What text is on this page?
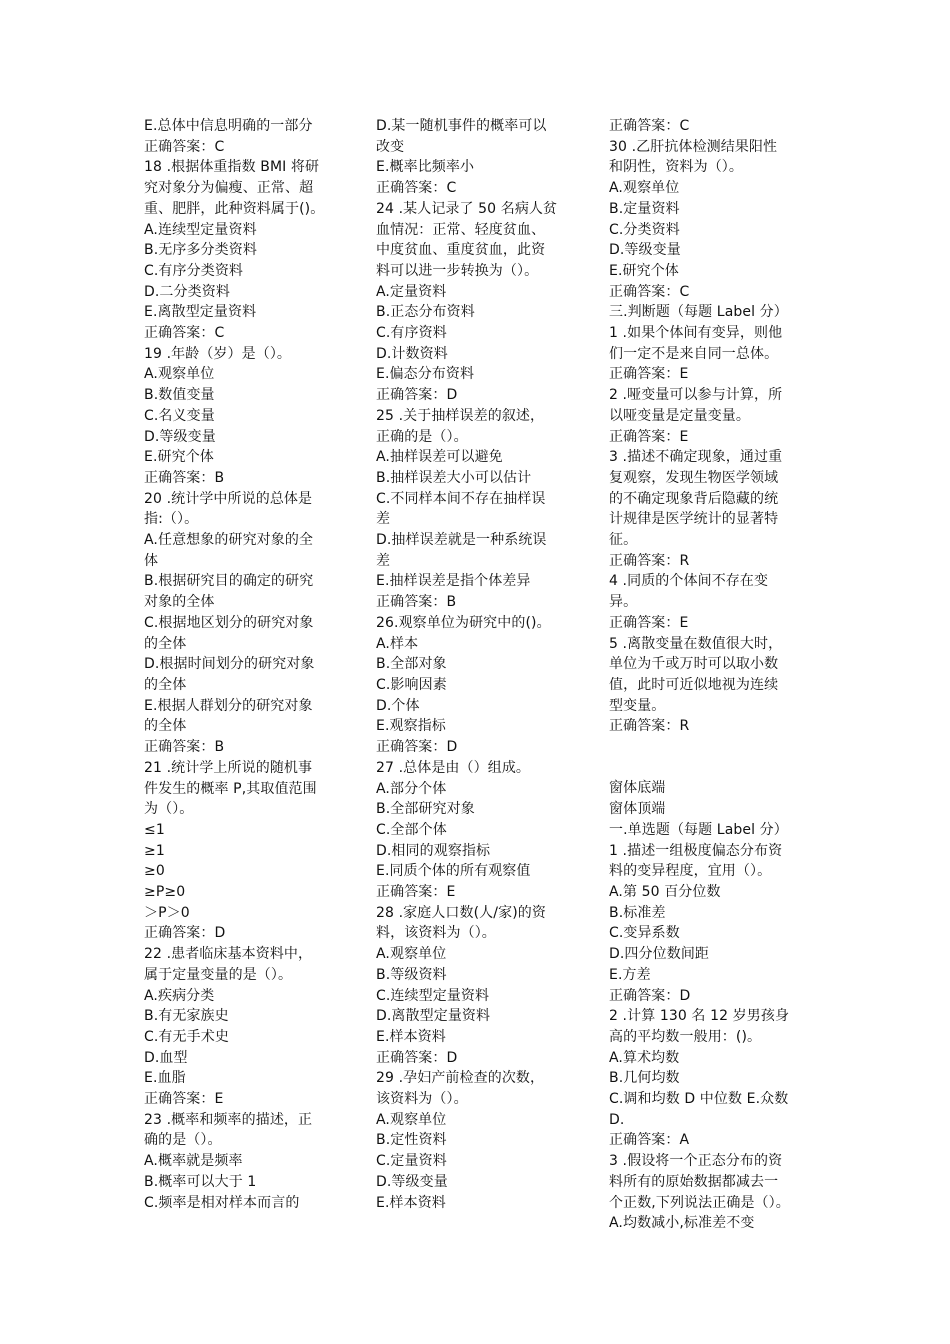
E.总体中信息明确的一部分
正确答案：C
18 .根据体重指数 BMI 将研
究对象分为偏瘦、正常、超
重、肥胖，此种资料属于()。
A.连续型定量资料
B.无序多分类资料
C.有序分类资料
D.二分类资料
E.离散型定量资料
正确答案：C
19 .年龄（岁）是（）。
A.观察单位
B.数值变量
C.名义变量
D.等级变量
E.研究个体
正确答案：B
20 .统计学中所说的总体是
指:（）。
A.任意想象的研究对象的全
体
B.根据研究目的确定的研究
对象的全体
C.根据地区划分的研究对象
的全体
D.根据时间划分的研究对象
的全体
E.根据人群划分的研究对象
的全体
正确答案：B
21 .统计学上所说的随机事
件发生的概率 P,其取值范围
为（）。
≤1
≥1
≥0
≥P≥0
＞P＞0
正确答案：D
22 .患者临床基本资料中，
属于定量变量的是（）。
A.疾病分类
B.有无家族史
C.有无手术史
D.血型
E.血脂
正确答案：E
23 .概率和频率的描述，正
确的是（）。
A.概率就是频率
B.概率可以大于 1
C.频率是相对样本而言的
D.某一随机事件的概率可以
改变
E.概率比频率小
正确答案：C
24 .某人记录了 50 名病人贫
血情况：正常、轻度贫血、
中度贫血、重度贫血，此资
料可以进一步转换为（）。
A.定量资料
B.正态分布资料
C.有序资料
D.计数资料
E.偏态分布资料
正确答案：D
25 .关于抽样误差的叙述，
正确的是（）。
A.抽样误差可以避免
B.抽样误差大小可以估计
C.不同样本间不存在抽样误
差
D.抽样误差就是一种系统误
差
E.抽样误差是指个体差异
正确答案：B
26.观察单位为研究中的()。
A.样本
B.全部对象
C.影响因素
D.个体
E.观察指标
正确答案：D
27 .总体是由（）组成。
A.部分个体
B.全部研究对象
C.全部个体
D.相同的观察指标
E.同质个体的所有观察值
正确答案：E
28 .家庭人口数(人/家)的资
料，该资料为（）。
A.观察单位
B.等级资料
C.连续型定量资料
D.离散型定量资料
E.样本资料
正确答案：D
29 .孕妇产前检查的次数，
该资料为（）。
A.观察单位
B.定性资料
C.定量资料
D.等级变量
E.样本资料
正确答案：C
30 .乙肝抗体检测结果阳性
和阴性，资料为（）。
A.观察单位
B.定量资料
C.分类资料
D.等级变量
E.研究个体
正确答案：C
三.判断题（每题 Label 分）
1 .如果个体间有变异，则他
们一定不是来自同一总体。
正确答案：E
2 .哑变量可以参与计算，所
以哑变量是定量变量。
正确答案：E
3 .描述不确定现象，通过重
复观察，发现生物医学领域
的不确定现象背后隐藏的统
计规律是医学统计的显著特
征。
正确答案：R
4 .同质的个体间不存在变
异。
正确答案：E
5 .离散变量在数值很大时，
单位为千或万时可以取小数
值，此时可近似地视为连续
型变量。
正确答案：R
窗体底端
窗体顶端
一.单选题（每题 Label 分）
1 .描述一组极度偏态分布资
料的变异程度，宜用（）。
A.第 50 百分位数
B.标准差
C.变异系数
D.四分位数间距
E.方差
正确答案：D
2 .计算 130 名 12 岁男孩身
高的平均数一般用：()。
A.算术均数
B.几何均数
C.调和均数 D 中位数 E.众数
D.
正确答案：A
3 .假设将一个正态分布的资
料所有的原始数据都减去一
个正数,下列说法正确是（）。
A.均数减小,标准差不变
